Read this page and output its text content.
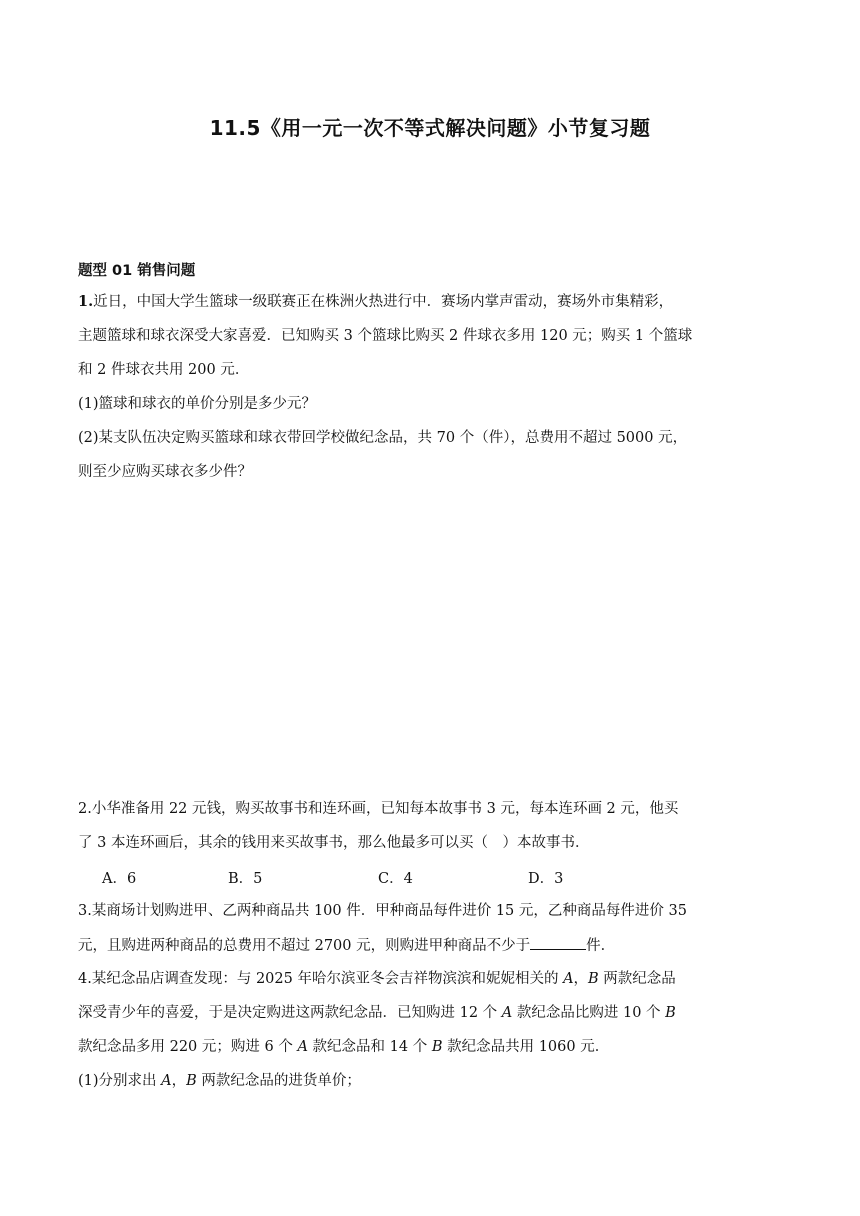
11.5《用一元一次不等式解决问题》小节复习题
题型 01 销售问题
1.近日，中国大学生篮球一级联赛正在株洲火热进行中．赛场内掌声雷动，赛场外市集精彩，
主题篮球和球衣深受大家喜爱．已知购买 3 个篮球比购买 2 件球衣多用 120 元；购买 1 个篮球
和 2 件球衣共用 200 元．
(1)篮球和球衣的单价分别是多少元？
(2)某支队伍决定购买篮球和球衣带回学校做纪念品，共 70 个（件），总费用不超过 5000 元，
则至少应购买球衣多少件？
2.小华准备用 22 元钱，购买故事书和连环画，已知每本故事书 3 元，每本连环画 2 元，他买
了 3 本连环画后，其余的钱用来买故事书，那么他最多可以买（　）本故事书．
A．6	B．5	C．4	D．3
3.某商场计划购进甲、乙两种商品共 100 件．甲种商品每件进价 15 元，乙种商品每件进价 35
元，且购进两种商品的总费用不超过 2700 元，则购进甲种商品不少于	件．
4.某纪念品店调查发现：与 2025 年哈尔滨亚冬会吉祥物滨滨和妮妮相关的 A，B 两款纪念品
深受青少年的喜爱，于是决定购进这两款纪念品．已知购进 12 个 A 款纪念品比购进 10 个 B
款纪念品多用 220 元；购进 6 个 A 款纪念品和 14 个 B 款纪念品共用 1060 元．
(1)分别求出 A，B 两款纪念品的进货单价；
